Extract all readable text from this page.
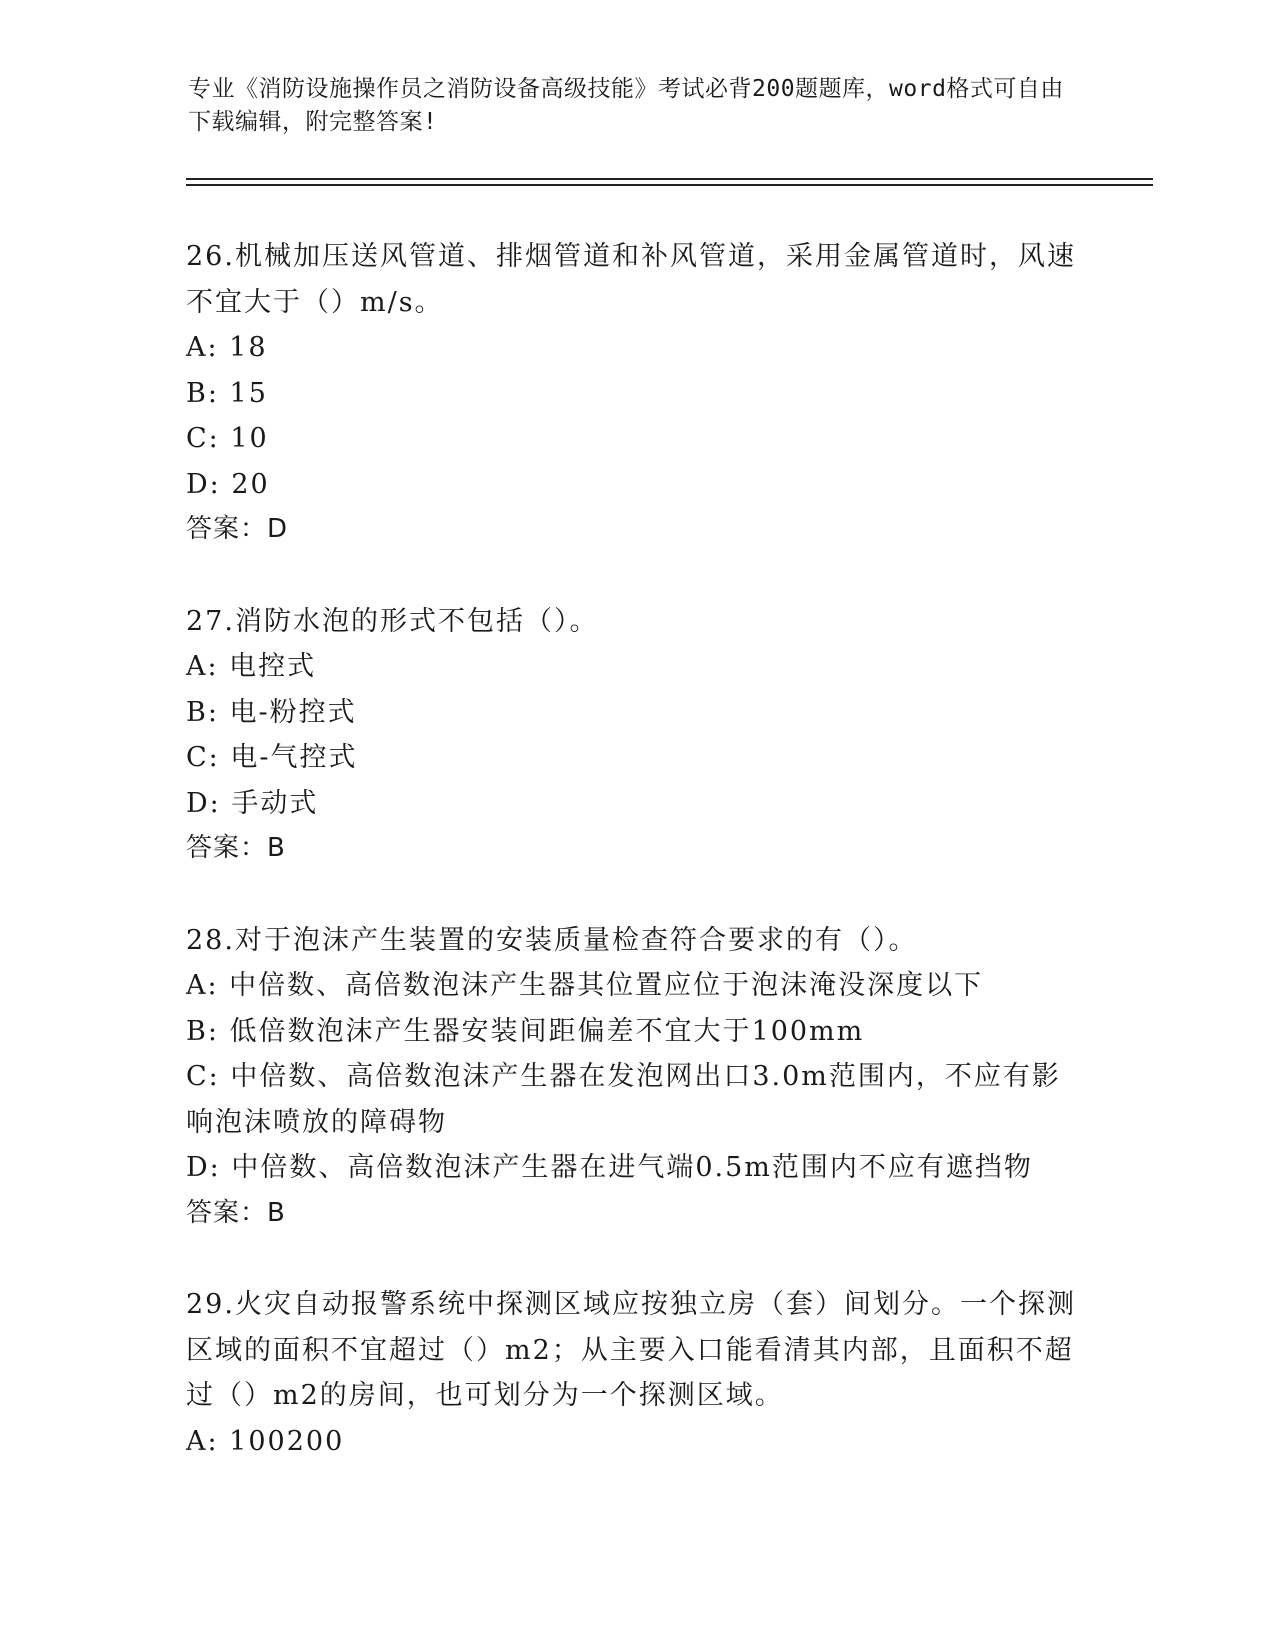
专业《消防设施操作员之消防设备高级技能》考试必背200题题库，word格式可自由下载编辑，附完整答案!

26.机械加压送风管道、排烟管道和补风管道，采用金属管道时，风速不宜大于（）m/s。

A: 18

B: 15

C: 10

D: 20

答案：D

27.消防水泡的形式不包括（）。

A: 电控式

B: 电-粉控式

C: 电-气控式

D: 手动式

答案：B

28.对于泡沫产生装置的安装质量检查符合要求的有（）。

A: 中倍数、高倍数泡沫产生器其位置应位于泡沫淹没深度以下

B: 低倍数泡沫产生器安装间距偏差不宜大于100mm

C: 中倍数、高倍数泡沫产生器在发泡网出口3.0m范围内，不应有影响泡沫喷放的障碍物

D: 中倍数、高倍数泡沫产生器在进气端0.5m范围内不应有遮挡物

答案：B

29.火灾自动报警系统中探测区域应按独立房（套）间划分。一个探测区域的面积不宜超过（）m2；从主要入口能看清其内部，且面积不超过（）m2的房间，也可划分为一个探测区域。

A: 100200
